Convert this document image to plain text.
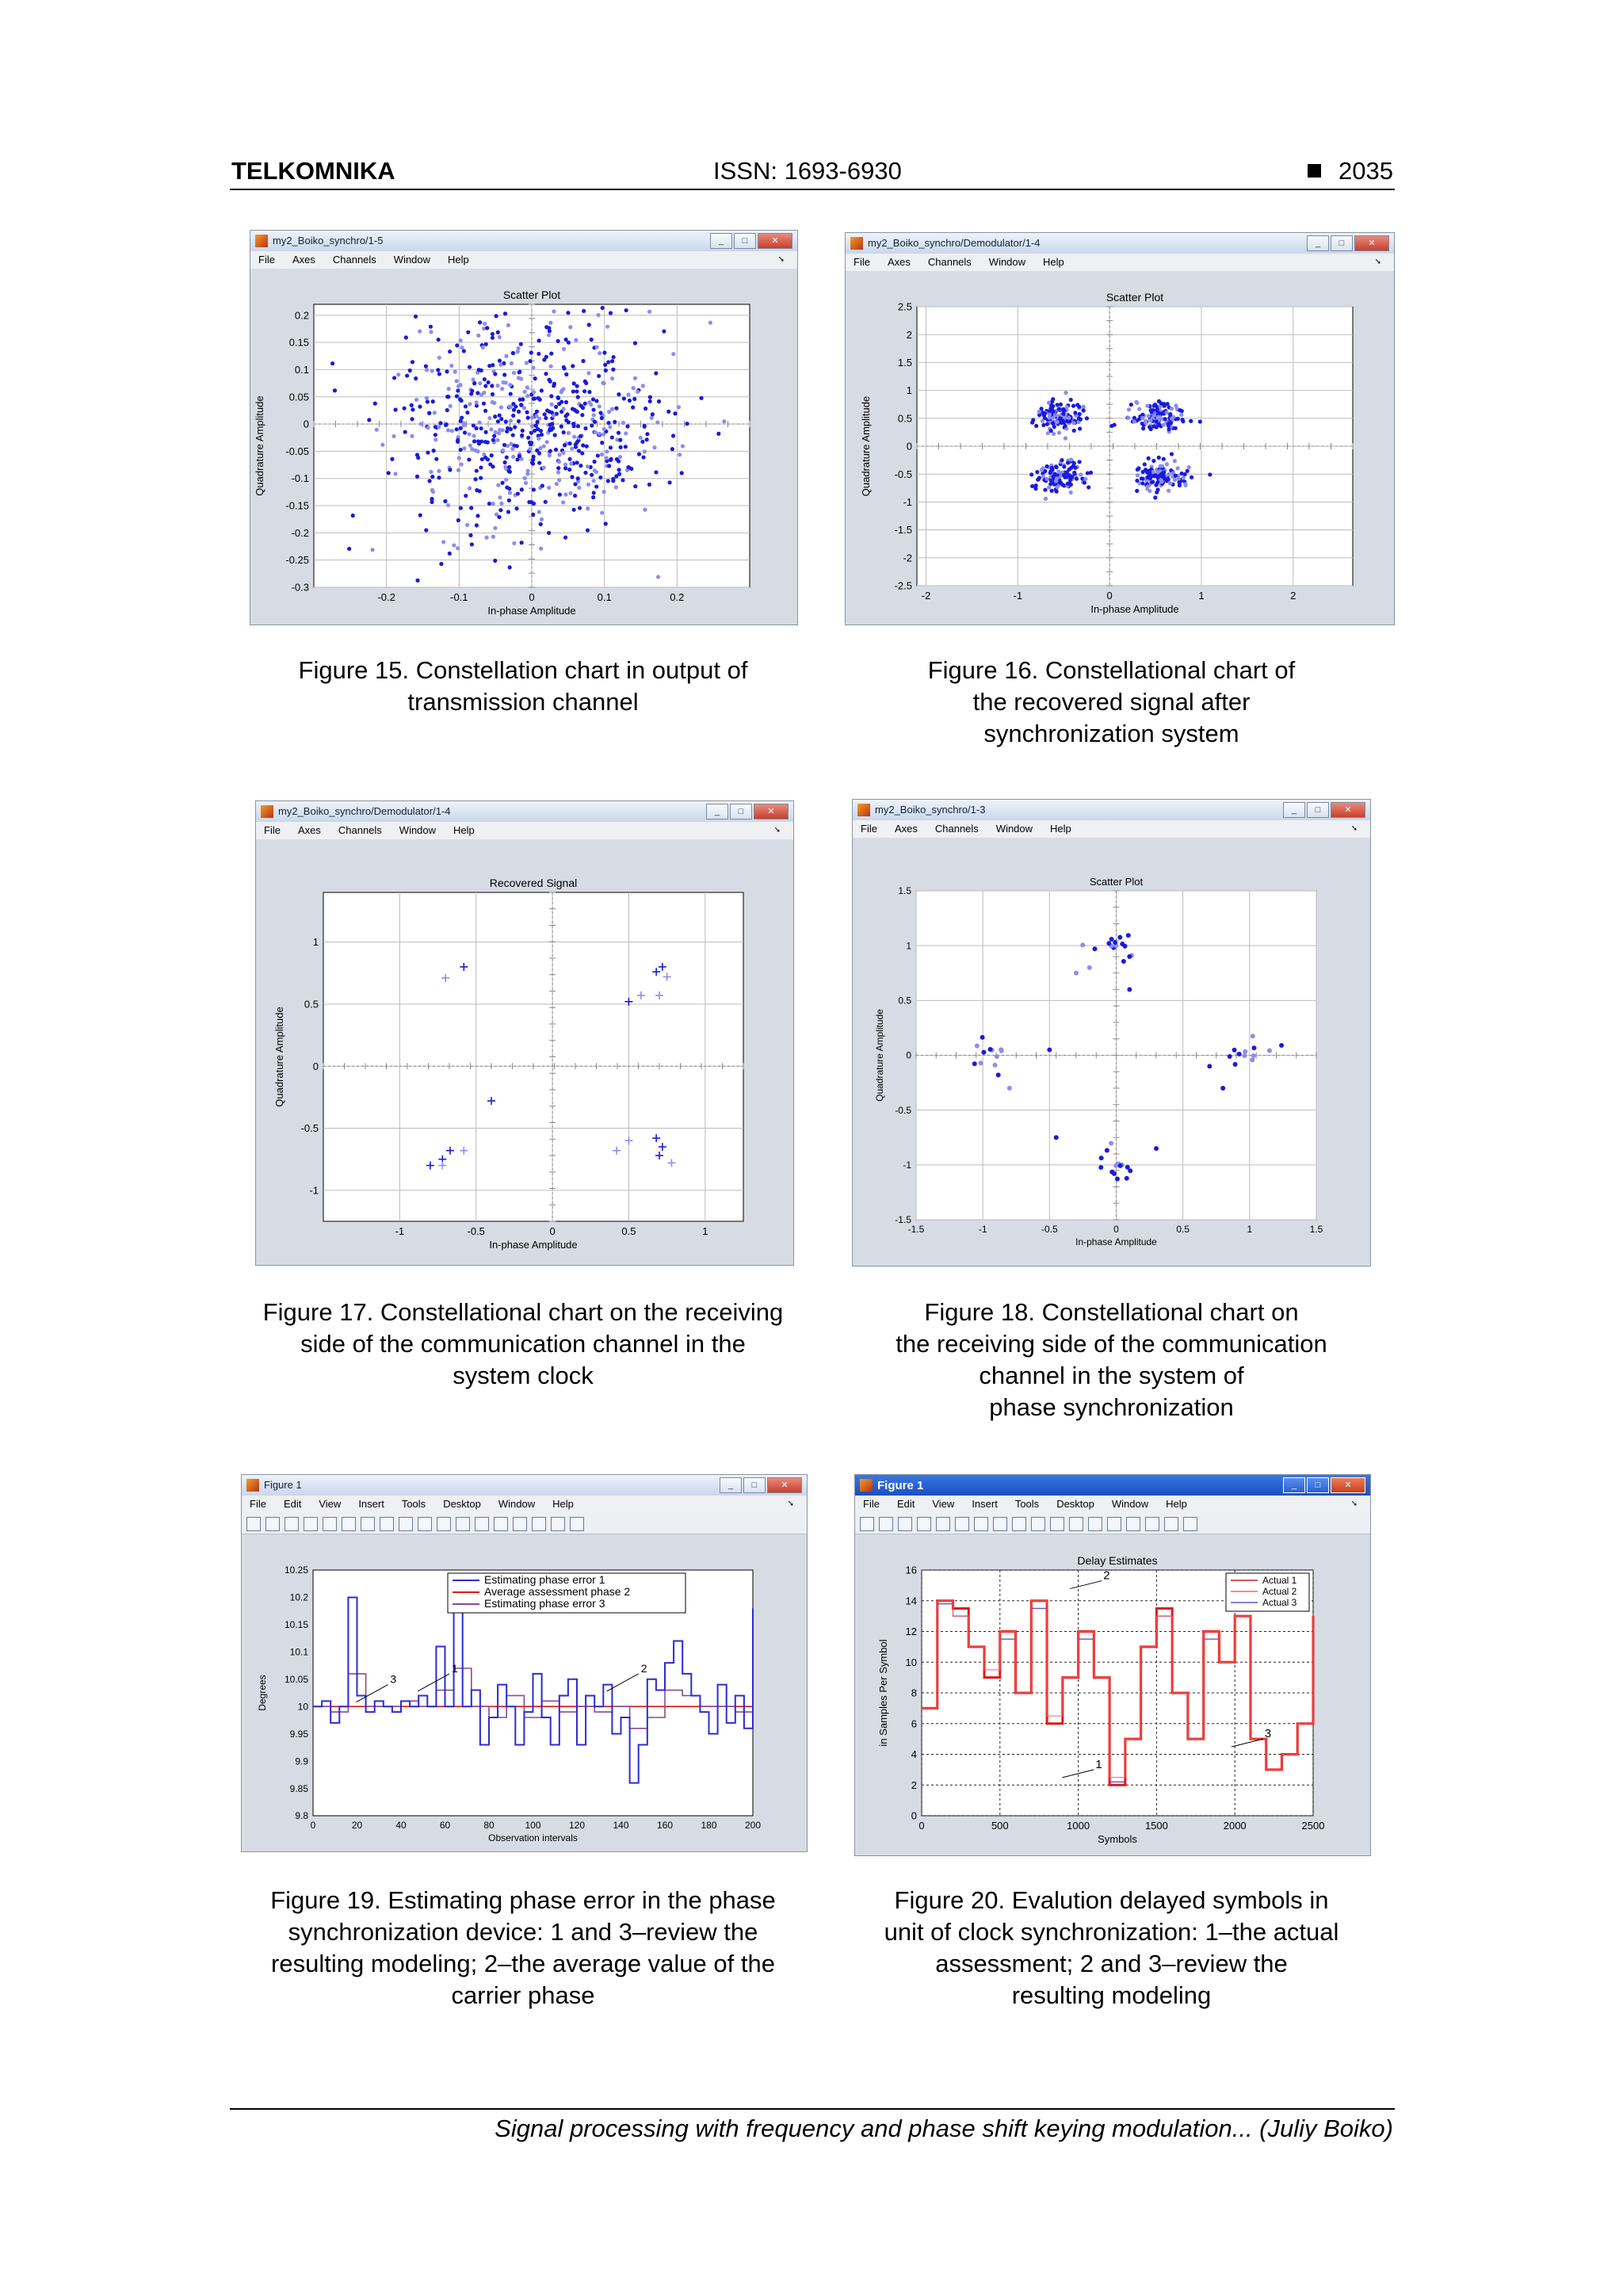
TELKOMNIKA	ISSN: 1693-6930	2035
my2_Boiko_synchro/1-5	_	□	✕
File Axes Channels Window Help	➘
-0.2	-0.1	0	0.1	0.2
0.2
0.15
0.1
0.05
0
-0.05
-0.1
-0.15
-0.2
-0.25
-0.3
Scatter Plot
In-phase Amplitude
Quadrature Amplitude
my2_Boiko_synchro/Demodulator/1-4	_	□	✕
File Axes Channels Window Help	➘
-2	-1	0	1	2
2.5
2
1.5
1
0.5
0
-0.5
-1
-1.5
-2
-2.5
Scatter Plot
In-phase Amplitude
Quadrature Amplitude
my2_Boiko_synchro/Demodulator/1-4	_	□	✕
File Axes Channels Window Help	➘
-1	-0.5	0	0.5	1
1
0.5
0
-0.5
-1
Recovered Signal
In-phase Amplitude
Quadrature Amplitude
my2_Boiko_synchro/1-3	_	□	✕
File Axes Channels Window Help	➘
-1.5	-1	-0.5	0	0.5	1	1.5
1.5
1
0.5
0
-0.5
-1
-1.5
Scatter Plot
In-phase Amplitude
Quadrature Amplitude
Figure 1	_	□	✕
File Edit View Insert Tools Desktop Window Help	➘
0	20	40	60	80	100	120	140	160	180	200
10.25
10.2
10.15
10.1
10.05
10
9.95
9.9
9.85
9.8
Observation intervals
Degrees
Estimating phase error 1
Average assessment phase 2
Estimating phase error 3
1	2
3
Figure 1	_	□	✕
File Edit View Insert Tools Desktop Window Help	➘
0	500	1000	1500	2000	2500
16
14
12
10
8
6
4
2
0
Delay Estimates
Symbols
in Samples Per Symbol
Actual 1
Actual 2
Actual 3
1
2
3
Figure 15. Constellation chart in output of
transmission channel
Figure 16. Constellational chart of
the recovered signal after
synchronization system
Figure 17. Constellational chart on the receiving
side of the communication channel in the
system clock
Figure 18. Constellational chart on
the receiving side of the communication
channel in the system of
phase synchronization
Figure 19. Estimating phase error in the phase
synchronization device: 1 and 3–review the
resulting modeling; 2–the average value of the
carrier phase
Figure 20. Evalution delayed symbols in
unit of clock synchronization: 1–the actual
assessment; 2 and 3–review the
resulting modeling
Signal processing with frequency and phase shift keying modulation... (Juliy Boiko)
